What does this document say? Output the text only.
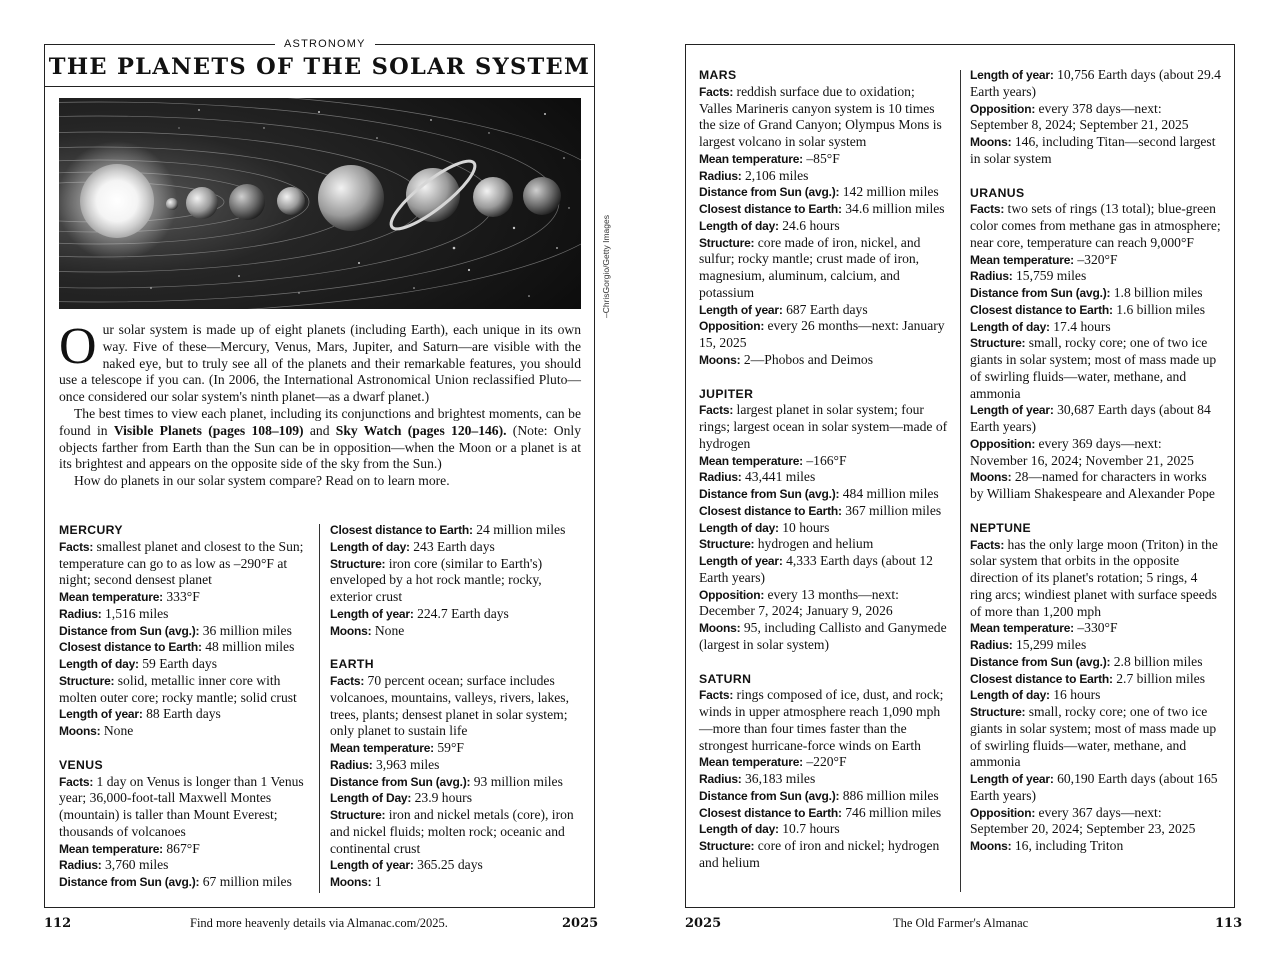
ASTRONOMY
THE PLANETS OF THE SOLAR SYSTEM
–ChrisGorgio/Getty Images

Our solar system is made up of eight planets (including Earth), each unique in its own way. Five of these—Mercury, Venus, Mars, Jupiter, and Saturn—are visible with the naked eye, but to truly see all of the planets and their remarkable features, you should use a telescope if you can. (In 2006, the International Astronomical Union reclassified Pluto—once considered our solar system's ninth planet—as a dwarf planet.)

The best times to view each planet, including its conjunctions and brightest moments, can be found in Visible Planets (pages 108–109) and Sky Watch (pages 120–146). (Note: Only objects farther from Earth than the Sun can be in opposition—when the Moon or a planet is at its brightest and appears on the opposite side of the sky from the Sun.)

How do planets in our solar system compare? Read on to learn more.

MERCURY
Facts: smallest planet and closest to the Sun; temperature can go to as low as –290°F at night; second densest planet
Mean temperature: 333°F
Radius: 1,516 miles
Distance from Sun (avg.): 36 million miles
Closest distance to Earth: 48 million miles
Length of day: 59 Earth days
Structure: solid, metallic inner core with molten outer core; rocky mantle; solid crust
Length of year: 88 Earth days
Moons: None
VENUS
Facts: 1 day on Venus is longer than 1 Venus year; 36,000-foot-tall Maxwell Montes (mountain) is taller than Mount Everest; thousands of volcanoes
Mean temperature: 867°F
Radius: 3,760 miles
Distance from Sun (avg.): 67 million miles
Closest distance to Earth: 24 million miles
Length of day: 243 Earth days
Structure: iron core (similar to Earth's) enveloped by a hot rock mantle; rocky, exterior crust
Length of year: 224.7 Earth days
Moons: None
EARTH
Facts: 70 percent ocean; surface includes volcanoes, mountains, valleys, rivers, lakes, trees, plants; densest planet in solar system; only planet to sustain life
Mean temperature: 59°F
Radius: 3,963 miles
Distance from Sun (avg.): 93 million miles
Length of Day: 23.9 hours
Structure: iron and nickel metals (core), iron and nickel fluids; molten rock; oceanic and continental crust
Length of year: 365.25 days
Moons: 1
112	Find more heavenly details via Almanac.com/2025.	2025
MARS
Facts: reddish surface due to oxidation; Valles Marineris canyon system is 10 times the size of Grand Canyon; Olympus Mons is largest volcano in solar system
Mean temperature: –85°F
Radius: 2,106 miles
Distance from Sun (avg.): 142 million miles
Closest distance to Earth: 34.6 million miles
Length of day: 24.6 hours
Structure: core made of iron, nickel, and sulfur; rocky mantle; crust made of iron, magnesium, aluminum, calcium, and potassium
Length of year: 687 Earth days
Opposition: every 26 months—next: January 15, 2025
Moons: 2—Phobos and Deimos
JUPITER
Facts: largest planet in solar system; four rings; largest ocean in solar system—made of hydrogen
Mean temperature: –166°F
Radius: 43,441 miles
Distance from Sun (avg.): 484 million miles
Closest distance to Earth: 367 million miles
Length of day: 10 hours
Structure: hydrogen and helium
Length of year: 4,333 Earth days (about 12 Earth years)
Opposition: every 13 months—next: December 7, 2024; January 9, 2026
Moons: 95, including Callisto and Ganymede (largest in solar system)
SATURN
Facts: rings composed of ice, dust, and rock; winds in upper atmosphere reach 1,090 mph—more than four times faster than the strongest hurricane-force winds on Earth
Mean temperature: –220°F
Radius: 36,183 miles
Distance from Sun (avg.): 886 million miles
Closest distance to Earth: 746 million miles
Length of day: 10.7 hours
Structure: core of iron and nickel; hydrogen and helium
Length of year: 10,756 Earth days (about 29.4 Earth years)
Opposition: every 378 days—next: September 8, 2024; September 21, 2025
Moons: 146, including Titan—second largest in solar system
URANUS
Facts: two sets of rings (13 total); blue-green color comes from methane gas in atmosphere; near core, temperature can reach 9,000°F
Mean temperature: –320°F
Radius: 15,759 miles
Distance from Sun (avg.): 1.8 billion miles
Closest distance to Earth: 1.6 billion miles
Length of day: 17.4 hours
Structure: small, rocky core; one of two ice giants in solar system; most of mass made up of swirling fluids—water, methane, and ammonia
Length of year: 30,687 Earth days (about 84 Earth years)
Opposition: every 369 days—next: November 16, 2024; November 21, 2025
Moons: 28—named for characters in works by William Shakespeare and Alexander Pope
NEPTUNE
Facts: has the only large moon (Triton) in the solar system that orbits in the opposite direction of its planet's rotation; 5 rings, 4 ring arcs; windiest planet with surface speeds of more than 1,200 mph
Mean temperature: –330°F
Radius: 15,299 miles
Distance from Sun (avg.): 2.8 billion miles
Closest distance to Earth: 2.7 billion miles
Length of day: 16 hours
Structure: small, rocky core; one of two ice giants in solar system; most of mass made up of swirling fluids—water, methane, and ammonia
Length of year: 60,190 Earth days (about 165 Earth years)
Opposition: every 367 days—next: September 20, 2024; September 23, 2025
Moons: 16, including Triton
2025	The Old Farmer's Almanac	113
